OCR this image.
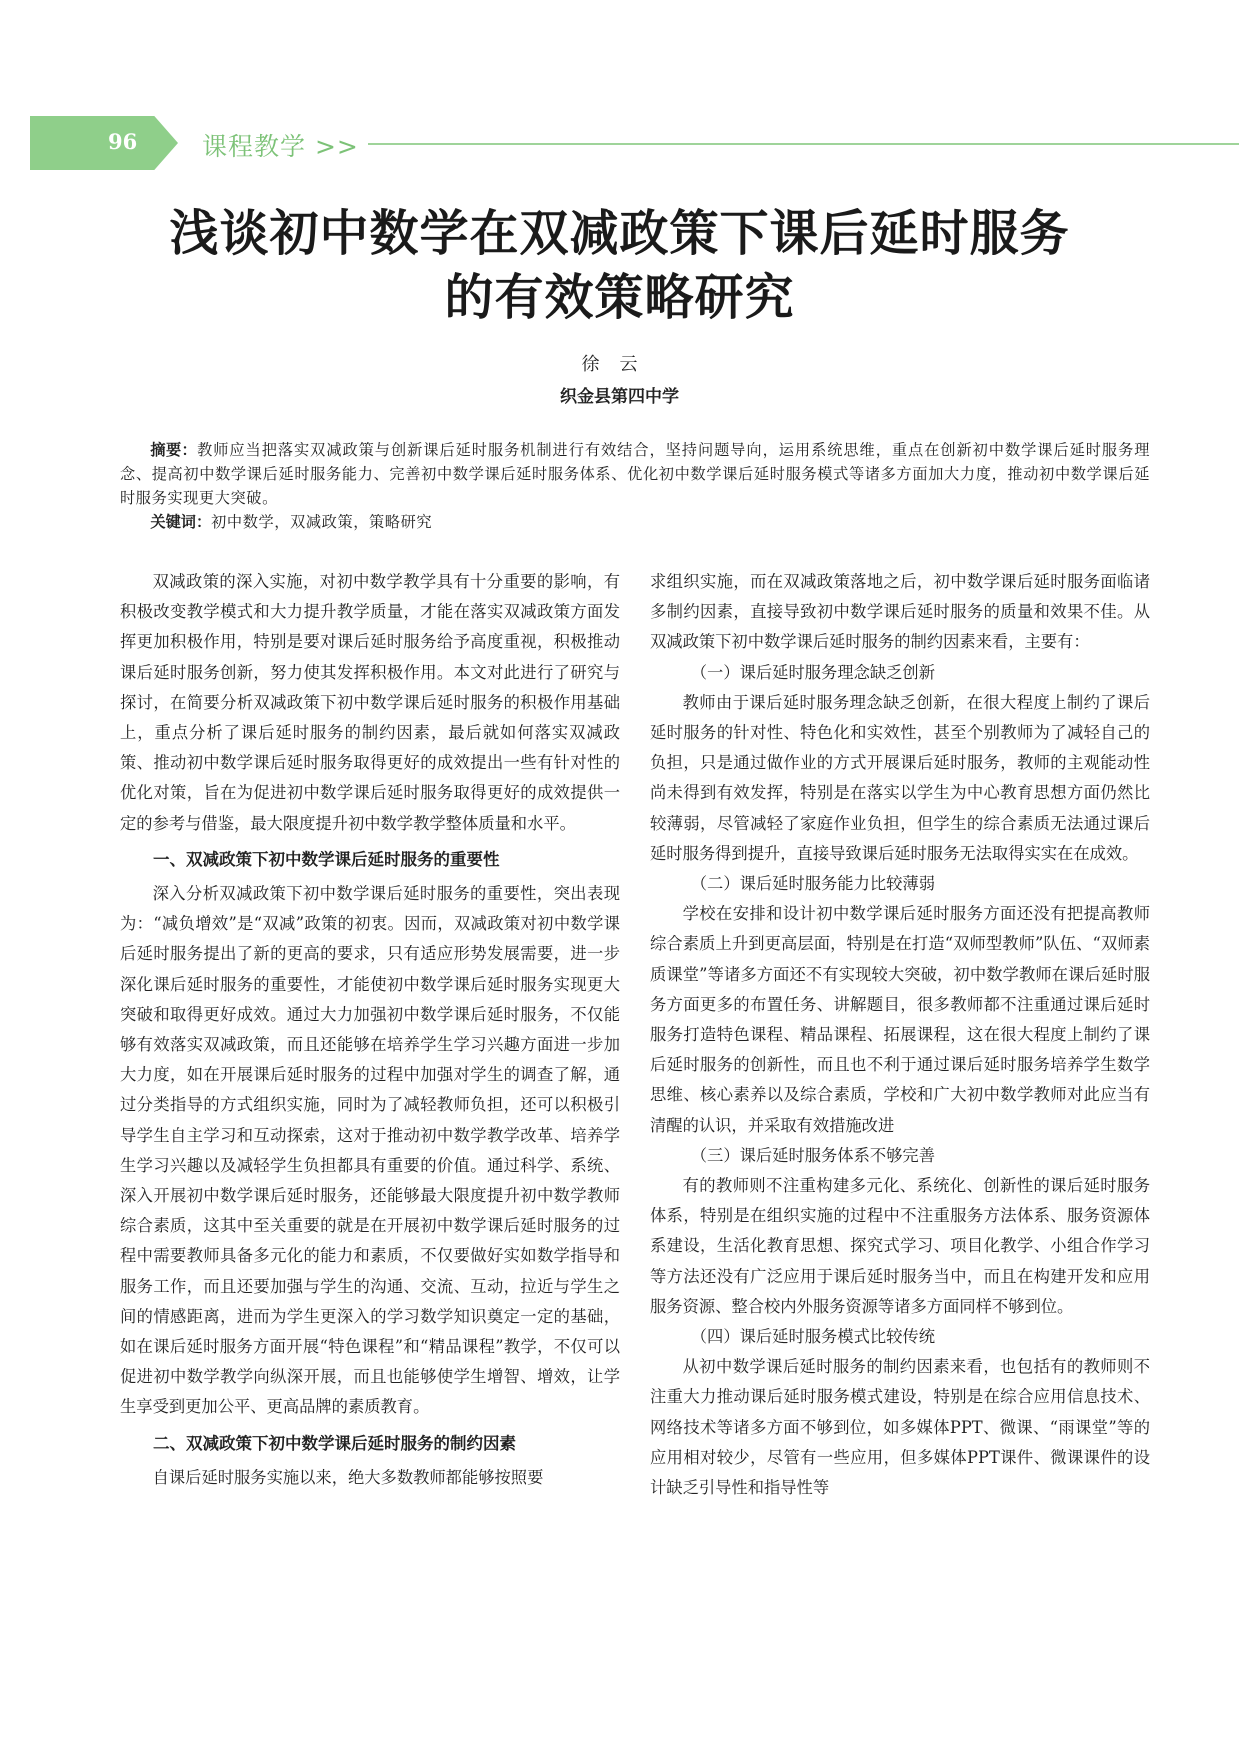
96	课程教学 >>
浅谈初中数学在双减政策下课后延时服务
的有效策略研究
徐云
织金县第四中学
摘要：教师应当把落实双减政策与创新课后延时服务机制进行有效结合，坚持问题导向，运用系统思维，重点在创新初中数学课后延时服务理念、提高初中数学课后延时服务能力、完善初中数学课后延时服务体系、优化初中数学课后延时服务模式等诸多方面加大力度，推动初中数学课后延时服务实现更大突破。
关键词：初中数学，双减政策，策略研究

双减政策的深入实施，对初中数学教学具有十分重要的影响，有积极改变教学模式和大力提升教学质量，才能在落实双减政策方面发挥更加积极作用，特别是要对课后延时服务给予高度重视，积极推动课后延时服务创新，努力使其发挥积极作用。本文对此进行了研究与探讨，在简要分析双减政策下初中数学课后延时服务的积极作用基础上，重点分析了课后延时服务的制约因素，最后就如何落实双减政策、推动初中数学课后延时服务取得更好的成效提出一些有针对性的优化对策，旨在为促进初中数学课后延时服务取得更好的成效提供一定的参考与借鉴，最大限度提升初中数学教学整体质量和水平。

一、双减政策下初中数学课后延时服务的重要性

深入分析双减政策下初中数学课后延时服务的重要性，突出表现为：“减负增效”是“双减”政策的初衷。因而，双减政策对初中数学课后延时服务提出了新的更高的要求，只有适应形势发展需要，进一步深化课后延时服务的重要性，才能使初中数学课后延时服务实现更大突破和取得更好成效。通过大力加强初中数学课后延时服务，不仅能够有效落实双减政策，而且还能够在培养学生学习兴趣方面进一步加大力度，如在开展课后延时服务的过程中加强对学生的调查了解，通过分类指导的方式组织实施，同时为了减轻教师负担，还可以积极引导学生自主学习和互动探索，这对于推动初中数学教学改革、培养学生学习兴趣以及减轻学生负担都具有重要的价值。通过科学、系统、深入开展初中数学课后延时服务，还能够最大限度提升初中数学教师综合素质，这其中至关重要的就是在开展初中数学课后延时服务的过程中需要教师具备多元化的能力和素质，不仅要做好实如数学指导和服务工作，而且还要加强与学生的沟通、交流、互动，拉近与学生之间的情感距离，进而为学生更深入的学习数学知识奠定一定的基础，如在课后延时服务方面开展“特色课程”和“精品课程”教学，不仅可以促进初中数学教学向纵深开展，而且也能够使学生增智、增效，让学生享受到更加公平、更高品牌的素质教育。

二、双减政策下初中数学课后延时服务的制约因素

自课后延时服务实施以来，绝大多数教师都能够按照要

求组织实施，而在双减政策落地之后，初中数学课后延时服务面临诸多制约因素，直接导致初中数学课后延时服务的质量和效果不佳。从双减政策下初中数学课后延时服务的制约因素来看，主要有：

（一）课后延时服务理念缺乏创新

教师由于课后延时服务理念缺乏创新，在很大程度上制约了课后延时服务的针对性、特色化和实效性，甚至个别教师为了减轻自己的负担，只是通过做作业的方式开展课后延时服务，教师的主观能动性尚未得到有效发挥，特别是在落实以学生为中心教育思想方面仍然比较薄弱，尽管减轻了家庭作业负担，但学生的综合素质无法通过课后延时服务得到提升，直接导致课后延时服务无法取得实实在在成效。

（二）课后延时服务能力比较薄弱

学校在安排和设计初中数学课后延时服务方面还没有把提高教师综合素质上升到更高层面，特别是在打造“双师型教师”队伍、“双师素质课堂”等诸多方面还不有实现较大突破，初中数学教师在课后延时服务方面更多的布置任务、讲解题目，很多教师都不注重通过课后延时服务打造特色课程、精品课程、拓展课程，这在很大程度上制约了课后延时服务的创新性，而且也不利于通过课后延时服务培养学生数学思维、核心素养以及综合素质，学校和广大初中数学教师对此应当有清醒的认识，并采取有效措施改进

（三）课后延时服务体系不够完善

有的教师则不注重构建多元化、系统化、创新性的课后延时服务体系，特别是在组织实施的过程中不注重服务方法体系、服务资源体系建设，生活化教育思想、探究式学习、项目化教学、小组合作学习等方法还没有广泛应用于课后延时服务当中，而且在构建开发和应用服务资源、整合校内外服务资源等诸多方面同样不够到位。

（四）课后延时服务模式比较传统

从初中数学课后延时服务的制约因素来看，也包括有的教师则不注重大力推动课后延时服务模式建设，特别是在综合应用信息技术、网络技术等诸多方面不够到位，如多媒体PPT、微课、“雨课堂”等的应用相对较少，尽管有一些应用，但多媒体PPT课件、微课课件的设计缺乏引导性和指导性等
